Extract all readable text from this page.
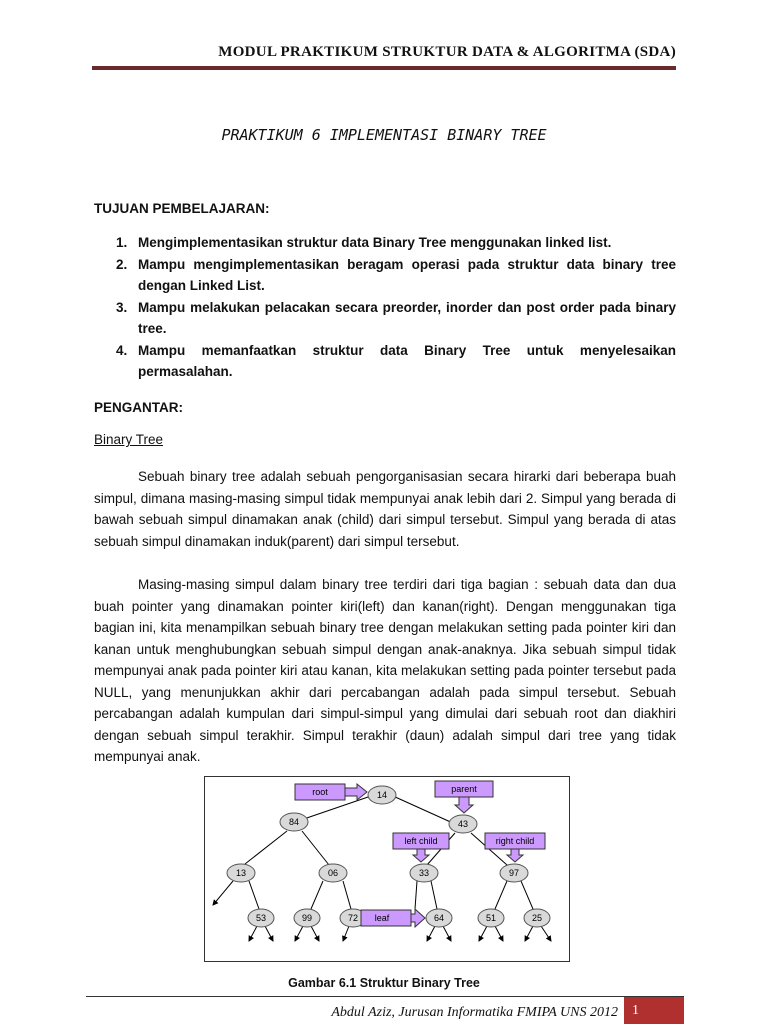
MODUL PRAKTIKUM STRUKTUR DATA & ALGORITMA (SDA)
PRAKTIKUM 6 IMPLEMENTASI BINARY TREE
TUJUAN PEMBELAJARAN:
1. Mengimplementasikan struktur data Binary Tree menggunakan linked list.
2. Mampu mengimplementasikan beragam operasi pada struktur data binary tree dengan Linked List.
3. Mampu melakukan pelacakan secara preorder, inorder dan post order pada binary tree.
4. Mampu memanfaatkan struktur data Binary Tree untuk menyelesaikan permasalahan.
PENGANTAR:
Binary Tree

Sebuah binary tree adalah sebuah pengorganisasian secara hirarki dari beberapa buah simpul, dimana masing-masing simpul tidak mempunyai anak lebih dari 2. Simpul yang berada di bawah sebuah simpul dinamakan anak (child) dari simpul tersebut. Simpul yang berada di atas sebuah simpul dinamakan induk(parent) dari simpul tersebut.

Masing-masing simpul dalam binary tree terdiri dari tiga bagian : sebuah data dan dua buah pointer yang dinamakan pointer kiri(left) dan kanan(right). Dengan menggunakan tiga bagian ini, kita menampilkan sebuah binary tree dengan melakukan setting pada pointer kiri dan kanan untuk menghubungkan sebuah simpul dengan anak-anaknya. Jika sebuah simpul tidak mempunyai anak pada pointer kiri atau kanan, kita melakukan setting pada pointer tersebut pada NULL, yang menunjukkan akhir dari percabangan adalah pada simpul tersebut. Sebuah percabangan adalah kumpulan dari simpul-simpul yang dimulai dari sebuah root dan diakhiri dengan sebuah simpul terakhir. Simpul terakhir (daun) adalah simpul dari tree yang tidak mempunyai anak.

14
84	43
13	06	33	97
53	99	72	64	51	25
root	parent
left child	right child
leaf
Gambar 6.1 Struktur Binary Tree
Abdul Aziz, Jurusan Informatika FMIPA UNS 2012 1
